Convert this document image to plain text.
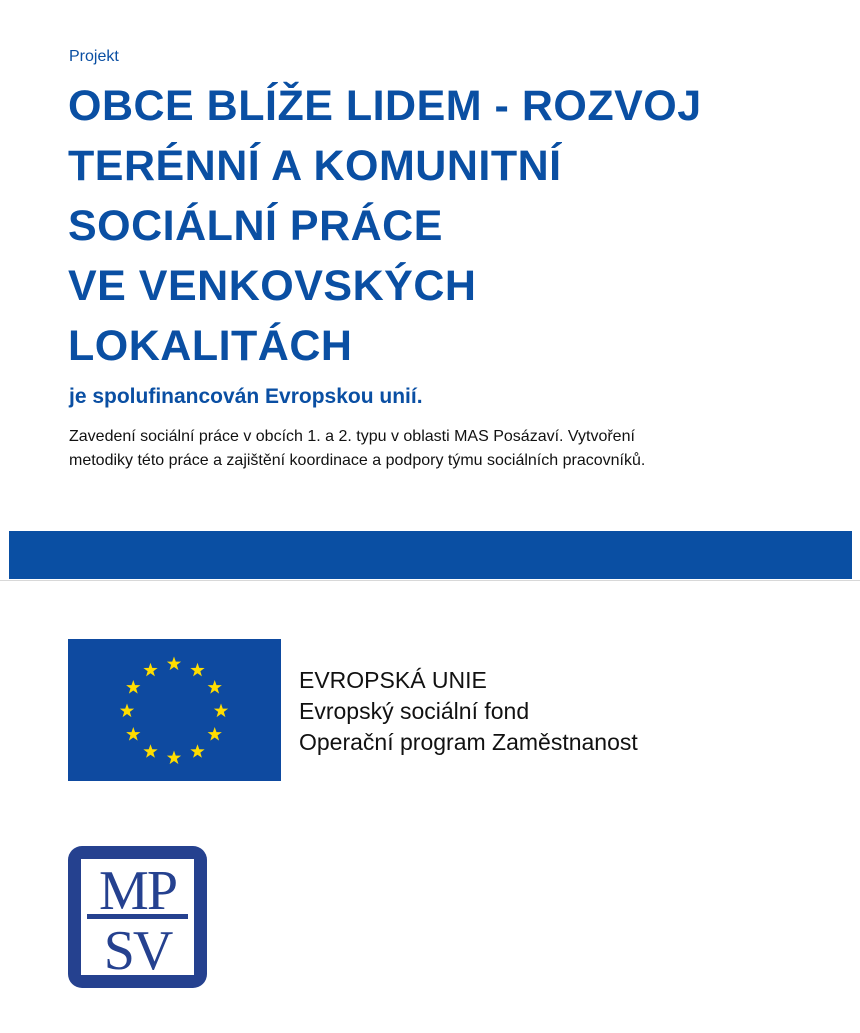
Projekt
OBCE BLÍŽE LIDEM - ROZVOJ
TERÉNNÍ A KOMUNITNÍ
SOCIÁLNÍ PRÁCE
VE VENKOVSKÝCH
LOKALITÁCH
je spolufinancován Evropskou unií.
Zavedení sociální práce v obcích 1. a 2. typu v oblasti MAS Posázaví. Vytvoření
metodiky této práce a zajištění koordinace a podpory týmu sociálních pracovníků.
EVROPSKÁ UNIE
Evropský sociální fond
Operační program Zaměstnanost
MP
SV
